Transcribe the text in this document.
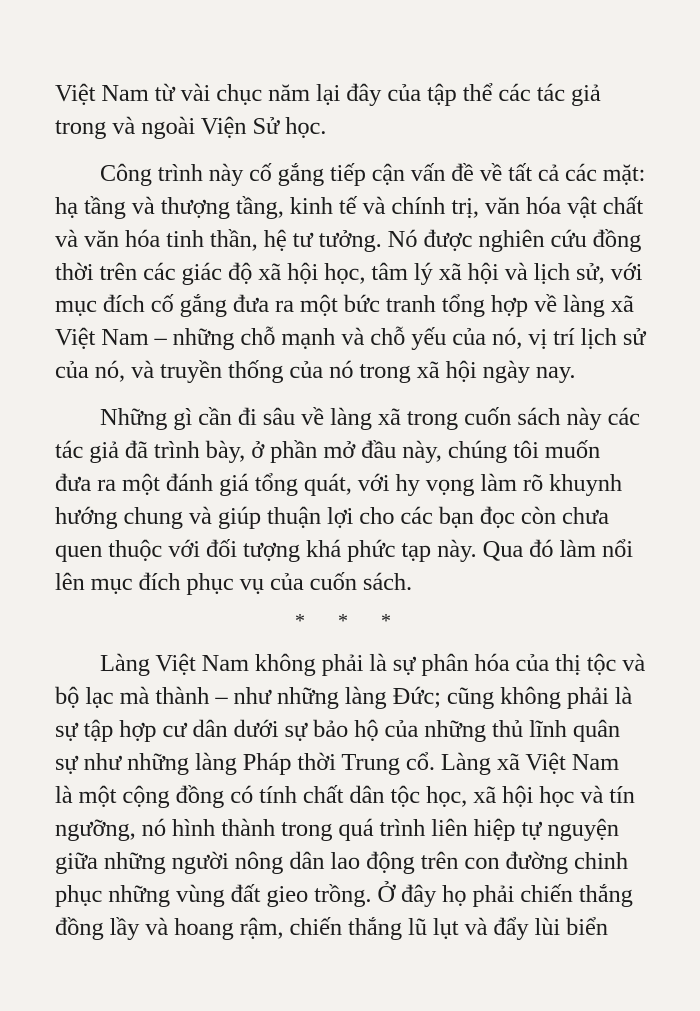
Việt Nam từ vài chục năm lại đây của tập thể các tác giả
trong và ngoài Viện Sử học.
Công trình này cố gắng tiếp cận vấn đề về tất cả các mặt:
hạ tầng và thượng tầng, kinh tế và chính trị, văn hóa vật chất
và văn hóa tinh thần, hệ tư tưởng. Nó được nghiên cứu đồng
thời trên các giác độ xã hội học, tâm lý xã hội và lịch sử, với
mục đích cố gắng đưa ra một bức tranh tổng hợp về làng xã
Việt Nam – những chỗ mạnh và chỗ yếu của nó, vị trí lịch sử
của nó, và truyền thống của nó trong xã hội ngày nay.
Những gì cần đi sâu về làng xã trong cuốn sách này các
tác giả đã trình bày, ở phần mở đầu này, chúng tôi muốn
đưa ra một đánh giá tổng quát, với hy vọng làm rõ khuynh
hướng chung và giúp thuận lợi cho các bạn đọc còn chưa
quen thuộc với đối tượng khá phức tạp này. Qua đó làm nổi
lên mục đích phục vụ của cuốn sách.
* * *
Làng Việt Nam không phải là sự phân hóa của thị tộc và
bộ lạc mà thành – như những làng Đức; cũng không phải là
sự tập hợp cư dân dưới sự bảo hộ của những thủ lĩnh quân
sự như những làng Pháp thời Trung cổ. Làng xã Việt Nam
là một cộng đồng có tính chất dân tộc học, xã hội học và tín
ngưỡng, nó hình thành trong quá trình liên hiệp tự nguyện
giữa những người nông dân lao động trên con đường chinh
phục những vùng đất gieo trồng. Ở đây họ phải chiến thắng
đồng lầy và hoang rậm, chiến thắng lũ lụt và đẩy lùi biển
